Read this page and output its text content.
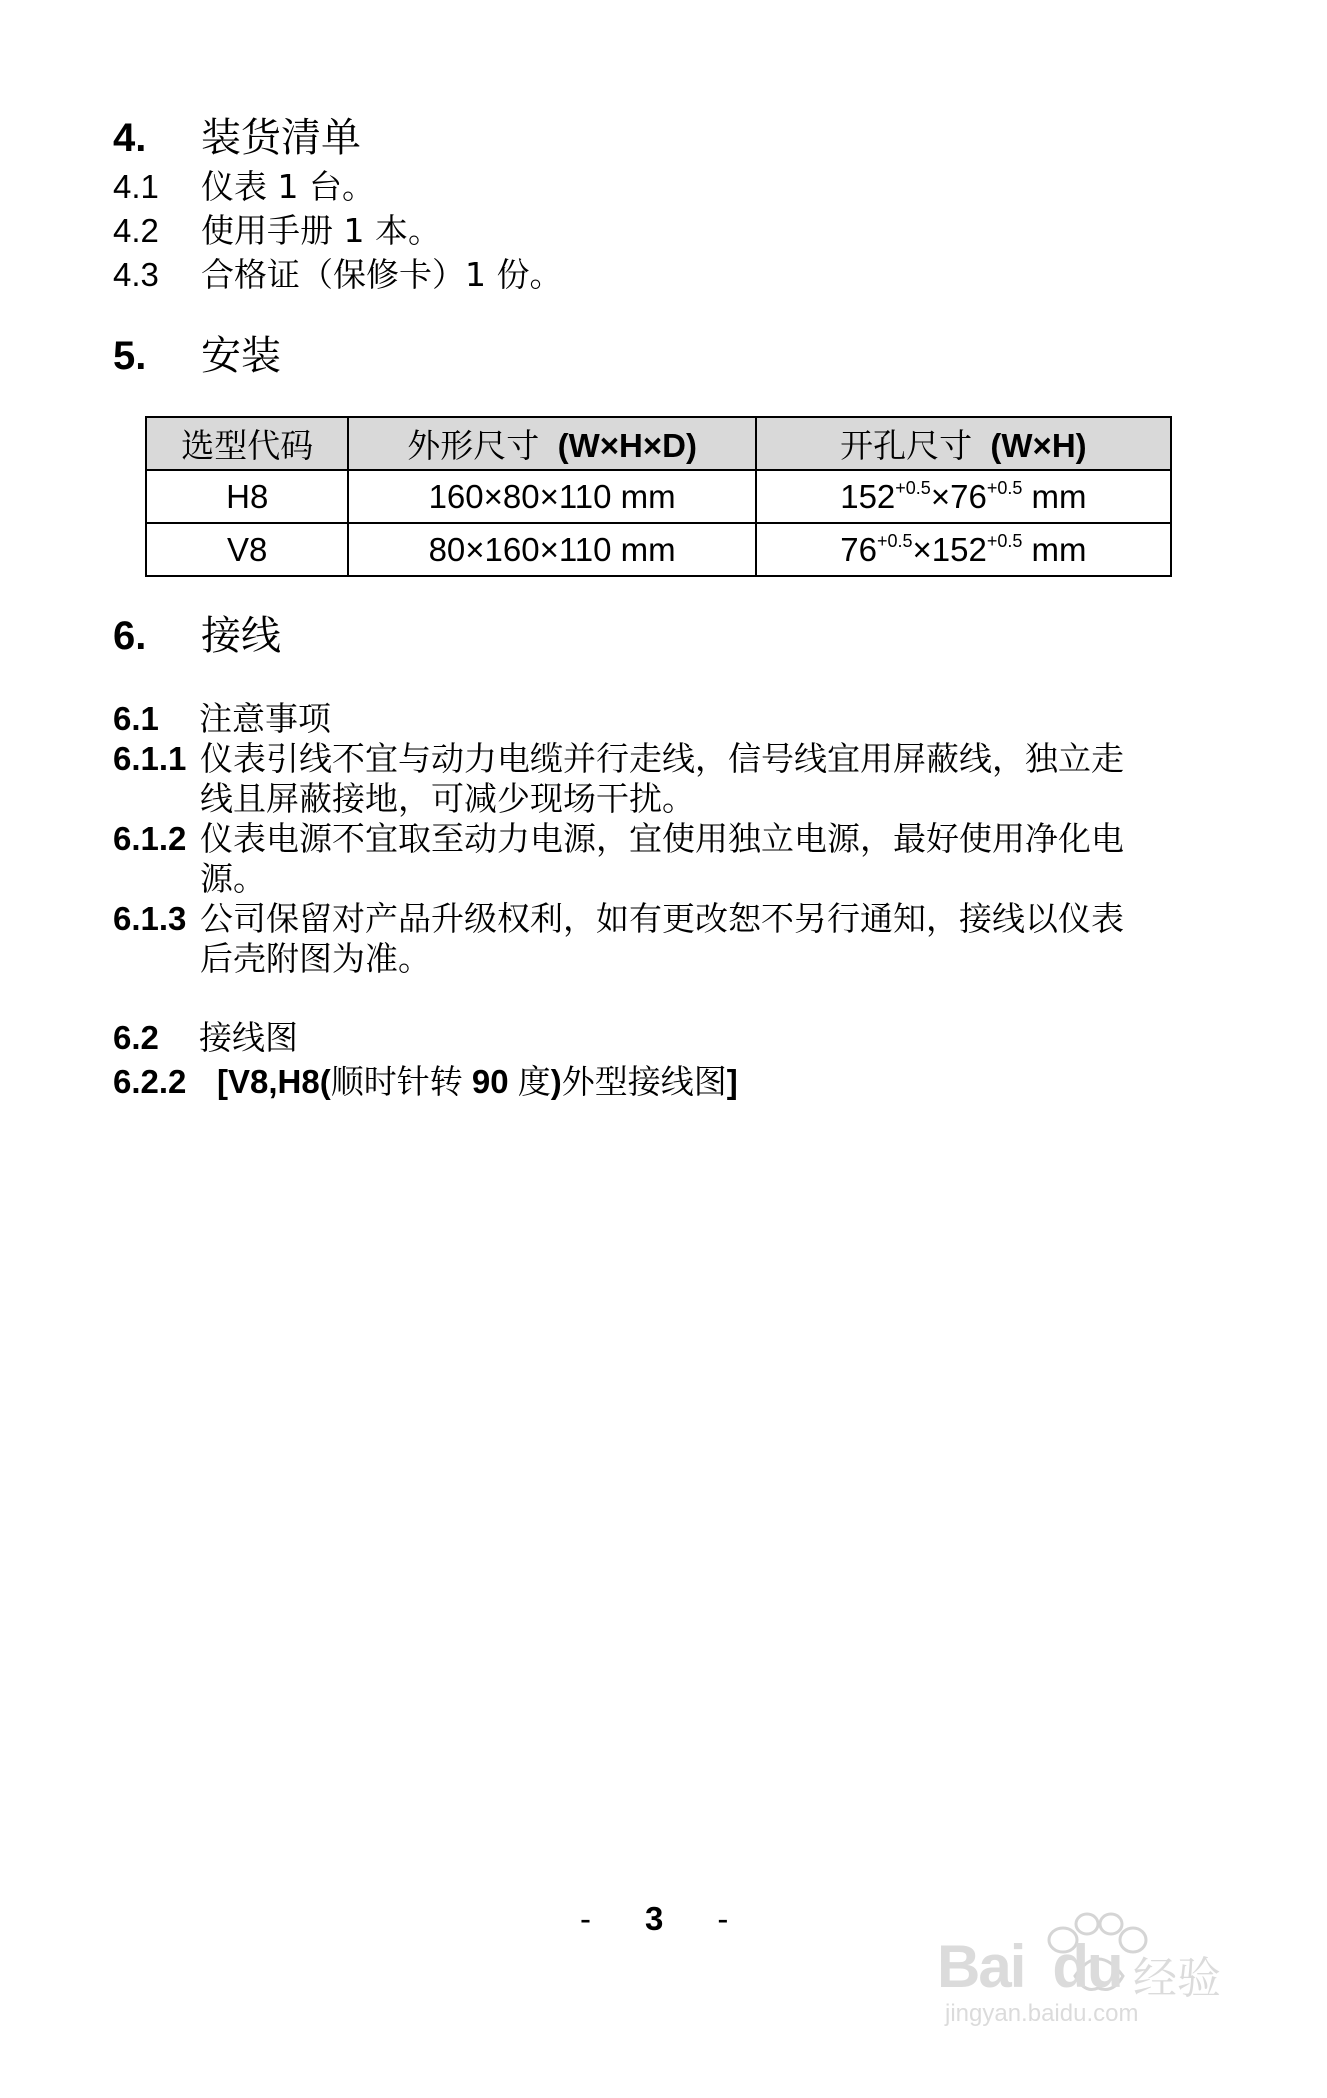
4. 装货清单
4.1 仪表 1 台。
4.2 使用手册 1 本。
4.3 合格证（保修卡）1 份。
5. 安装
选型代码	外形尺寸 (W×H×D)	开孔尺寸 (W×H)
H8	160×80×110 mm	$152^{+0.5}\times 76^{+0.5}$ mm
V8	80×160×110 mm	$76^{+0.5}\times 152^{+0.5}$ mm
6. 接线
6.1 注意事项
6.1.1 仪表引线不宜与动力电缆并行走线，信号线宜用屏蔽线，独立走
线且屏蔽接地，可减少现场干扰。
6.1.2 仪表电源不宜取至动力电源，宜使用独立电源，最好使用净化电
源。
6.1.3 公司保留对产品升级权利，如有更改恕不另行通知，接线以仪表
后壳附图为准。
6.2 接线图
6.2.2 [V8,H8(顺时针转 90 度)外型接线图]
- 3 -
Bai du 经验
jingyan.baidu.com
